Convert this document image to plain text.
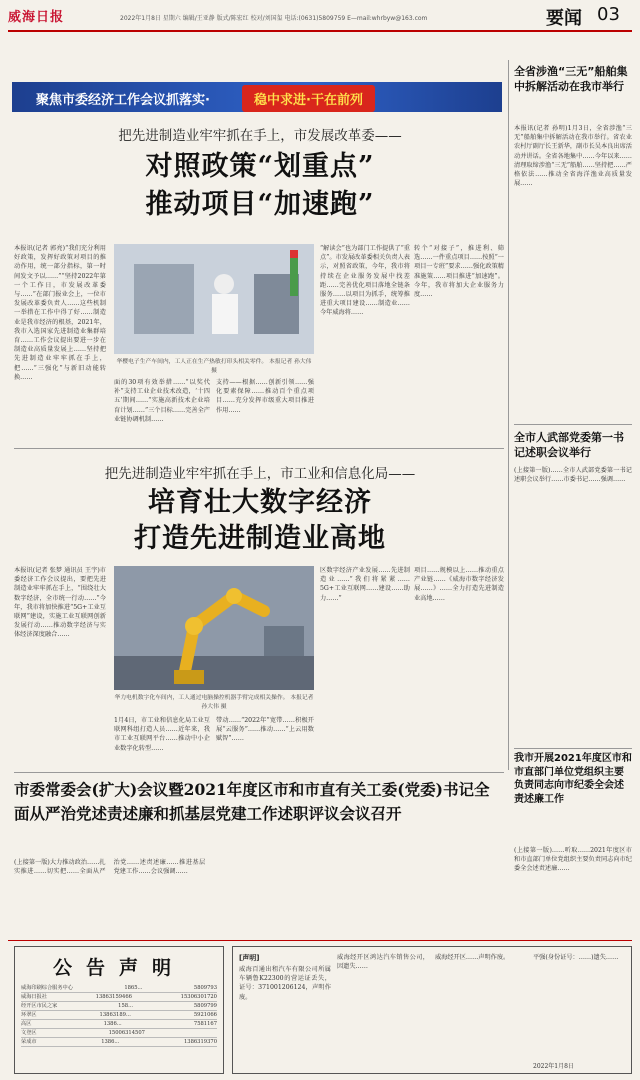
威海日报	2022年1月8日 星期六 编辑/王亚静 版式/陈宏红 校对/刘国玺 电话:(0631)5809759 E—mail:whrbyw@163.com	要闻 03
聚焦市委经济工作会议抓落实·	稳中求进·干在前列
把先进制造业牢牢抓在手上，市发展改革委——
对照政策“划重点”
推动项目“加速跑”
本报讯(记者 郭亮)“我们充分利用好政策，发挥好政策对项目的推动作用，统一部分指标，第一时间发文予以……”“坚持2022年第一个工作日，市发展改革委与……”在部门报业会上，一位市发展改革委负责人……这些机制一举措在工作中得了好……制造业是我市经济的根基，2021年，我市入选国家先进制造业集群培育……工作会议提出要进一步在制造业高质量发展上……坚持把先进制造业牢牢抓在手上，把……“三强化”与新旧动能转换……
华樱电子生产车间内，工人正在生产热敏打印头相关零件。 本报记者 孙大伟 摄
面的30项有效举措……“以奖代补”支持工业企业技术改造，‘十四五’期间……“实施高新技术企业培育计划……”三个目标……完善全产业链协调机制……
支持——根据……创新引领……强化要素保障……推动百个重点项目……充分发挥市级重大项目推进作用……
“解读会”也为部门工作提供了“重点”。市发展改革委相关负责人表示，对照省政策，今年，我市将持续在企业服务发展中找差距……完善优化项目落地全链条服务……以项目为抓手，统筹推进重大项目建设……制造业……今年威海将……
转个“对接子”，推进利、筛选……一件重点项目……按照“一项目一专班”要求……强化政策精准施策……项目推进“加速跑”。今年，我市将加大企业服务力度……
把先进制造业牢牢抓在手上，市工业和信息化局——
培育壮大数字经济
打造先进制造业高地
本报讯(记者 张梦 通讯员 王宇)市委经济工作会议提出，要把先进制造业牢牢抓在手上，“围绕壮大数字经济，全市统一行动……”今年，我市将加快推进“5G+工业互联网”建设，实施工业互联网创新发展行动……推动数字经济与实体经济深度融合……
华力电机数字化车间内，工人通过电脑操控机器手臂完成相关操作。 本报记者 孙大伟 摄
1月4日，市工业和信息化局工业互联网科组打造人员……近年来，我市工业互联网平台……推动中小企业数字化转型……
带动……“2022年”宽带……积极开展“云服务”……推动……“上云用数赋智”……
区数字经济产业发展……先进制造业……“我们将紧紧……5G+工业互联网……建设……助力……”
项目……规模以上……推动重点产业链……《威海市数字经济发展……》……全力打造先进制造业高地……
全省涉渔“三无”船舶集中拆解活动在我市举行
本报讯(记者 孙明)1月3日，全省涉渔“三无”船舶集中拆解活动在我市举行。省农业农村厅副厅长王新华，副市长吴本良出席活动并讲话。全省各地集中……今年以来……清理取缔涉渔“三无”船舶……坚持把……严格依法……推动全省海洋渔业高质量发展……
全市人武部党委第一书记述职会议举行
(上接第一版)……全市人武部党委第一书记述职会议举行……市委书记……强调……
我市开展2021年度区市和市直部门单位党组织主要负责同志向市纪委全会述责述廉工作
(上接第一版)……听取……2021年度区市和市直部门单位党组织主要负责同志向市纪委全会述责述廉……
市委常委会(扩大)会议暨2021年度区市和市直有关工委(党委)书记全面从严治党述责述廉和抓基层党建工作述职评议会议召开
(上接第一版)大力推动政治……扎实推进……切实把……全面从严治党……述责述廉……推进基层党建工作……会议强调……
公告声明
威海印刷综合服务中心	1865...	5809793
威海日报社	13863159466	15306301720
经开区市民之家	158...	5809799
环翠区	13863189...	5921066
高区	1386...	7581167
文登区	15006314507
荣成市	1386...	1386319370
[声明]
威海百通出租汽车有限公司所属车辆鲁K22300的营运证丢失，证号：371001206124，声明作废。
威海经开区鸿达汽车销售公司，因遗失……
威海经开区……声明作废。	平强(身份证号：……)遗失……
2022年1月8日
